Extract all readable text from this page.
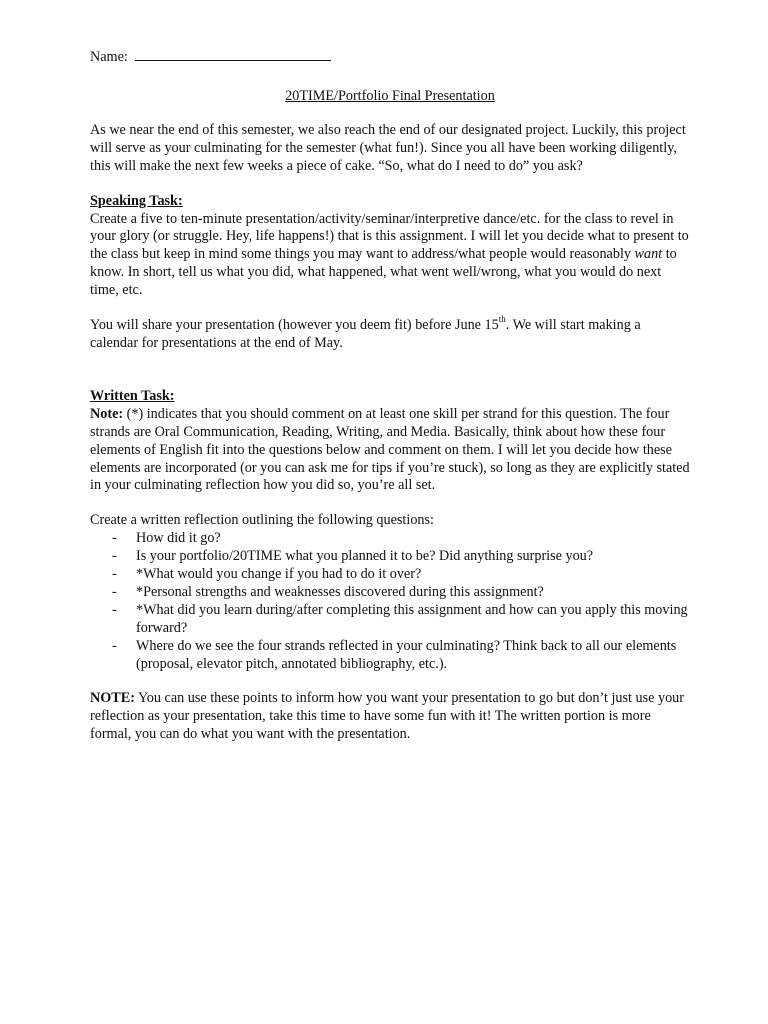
Name:
20TIME/Portfolio Final Presentation

As we near the end of this semester, we also reach the end of our designated project. Luckily, this project will serve as your culminating for the semester (what fun!). Since you all have been working diligently, this will make the next few weeks a piece of cake. “So, what do I need to do” you ask?

Speaking Task:

Create a five to ten-minute presentation/activity/seminar/interpretive dance/etc. for the class to revel in your glory (or struggle. Hey, life happens!) that is this assignment. I will let you decide what to present to the class but keep in mind some things you may want to address/what people would reasonably want to know. In short, tell us what you did, what happened, what went well/wrong, what you would do next time, etc.

You will share your presentation (however you deem fit) before June 15th. We will start making a calendar for presentations at the end of May.

Written Task:

Note: (*) indicates that you should comment on at least one skill per strand for this question. The four strands are Oral Communication, Reading, Writing, and Media. Basically, think about how these four elements of English fit into the questions below and comment on them. I will let you decide how these elements are incorporated (or you can ask me for tips if you’re stuck), so long as they are explicitly stated in your culminating reflection how you did so, you’re all set.

Create a written reflection outlining the following questions:

- How did it go?
- Is your portfolio/20TIME what you planned it to be? Did anything surprise you?
- *What would you change if you had to do it over?
- *Personal strengths and weaknesses discovered during this assignment?
- *What did you learn during/after completing this assignment and how can you apply this moving forward?
- Where do we see the four strands reflected in your culminating? Think back to all our elements (proposal, elevator pitch, annotated bibliography, etc.).

NOTE: You can use these points to inform how you want your presentation to go but don’t just use your reflection as your presentation, take this time to have some fun with it! The written portion is more formal, you can do what you want with the presentation.
